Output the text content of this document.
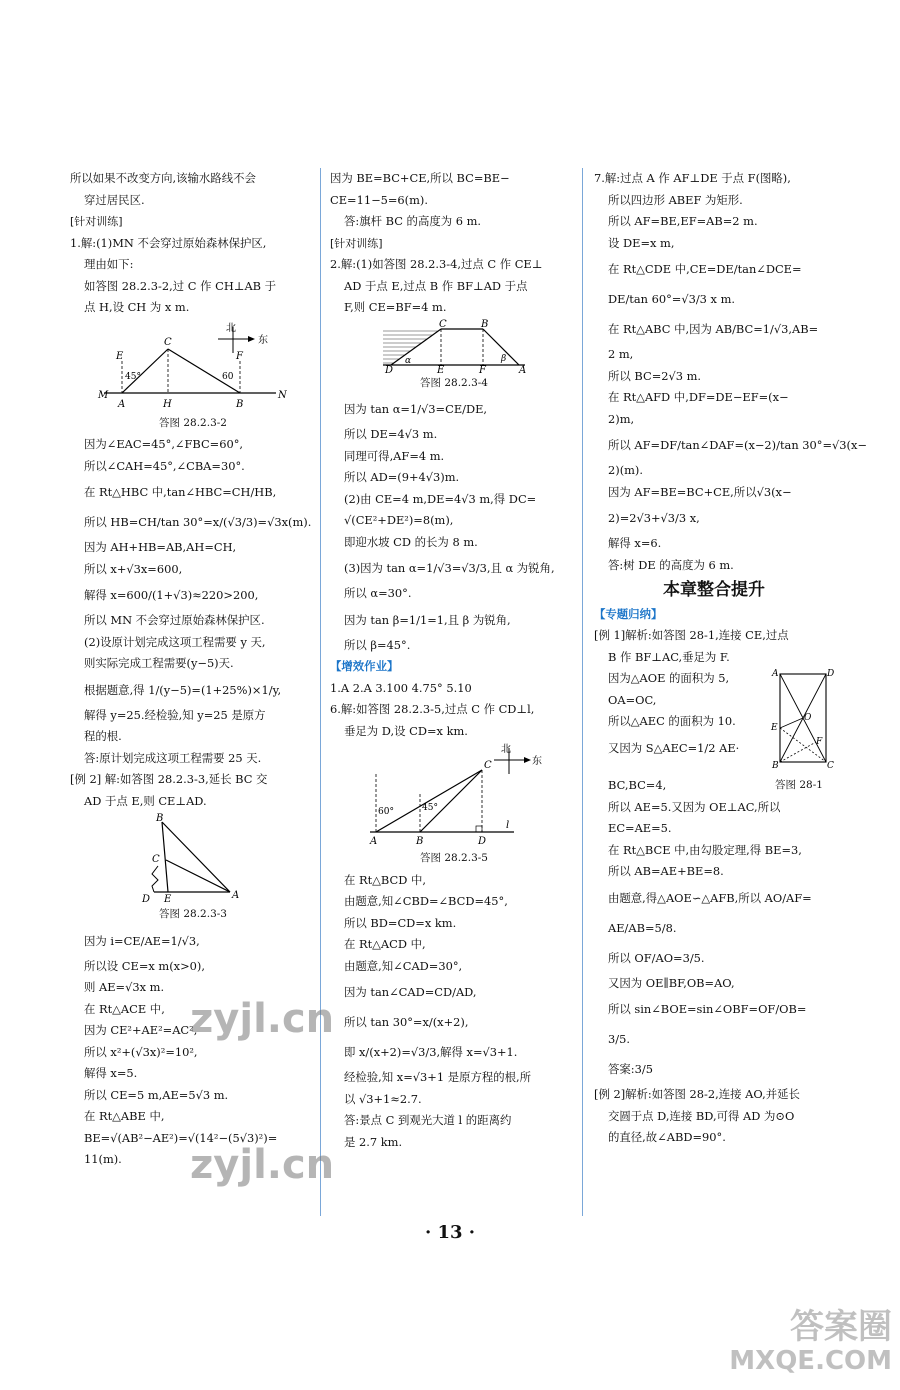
所以如果不改变方向,该输水路线不会
穿过居民区.
[针对训练]
1.解:(1)MN 不会穿过原始森林保护区,
理由如下:
如答图 28.2.3-2,过 C 作 CH⊥AB 于
点 H,设 CH 为 x m.
北
东
M
A	H	B
N
C
E	F
45°	60
答图 28.2.3-2
因为∠EAC=45°,∠FBC=60°,
所以∠CAH=45°,∠CBA=30°.
在 Rt△HBC 中,tan∠HBC=CH/HB,
所以 HB=CH/tan 30°=x/(√3/3)=√3x(m).
因为 AH+HB=AB,AH=CH,
所以 x+√3x=600,
解得 x=600/(1+√3)≈220>200,
所以 MN 不会穿过原始森林保护区.
(2)设原计划完成这项工程需要 y 天,
则实际完成工程需要(y−5)天.
根据题意,得 1/(y−5)=(1+25%)×1/y,
解得 y=25.经检验,知 y=25 是原方
程的根.
答:原计划完成这项工程需要 25 天.
[例 2] 解:如答图 28.2.3-3,延长 BC 交
AD 于点 E,则 CE⊥AD.
B
C
D E	A
答图 28.2.3-3
因为 i=CE/AE=1/√3,
所以设 CE=x m(x>0),
则 AE=√3x m.
在 Rt△ACE 中,
因为 CE²+AE²=AC²,
所以 x²+(√3x)²=10²,
解得 x=5.
所以 CE=5 m,AE=5√3 m.
在 Rt△ABE 中,
BE=√(AB²−AE²)=√(14²−(5√3)²)=
11(m).
因为 BE=BC+CE,所以 BC=BE−
CE=11−5=6(m).
答:旗杆 BC 的高度为 6 m.
[针对训练]
2.解:(1)如答图 28.2.3-4,过点 C 作 CE⊥
AD 于点 E,过点 B 作 BF⊥AD 于点
F,则 CE=BF=4 m.
C	B
D	E	F	A
α	β
答图 28.2.3-4
因为 tan α=1/√3=CE/DE,
所以 DE=4√3 m.
同理可得,AF=4 m.
所以 AD=(9+4√3)m.
(2)由 CE=4 m,DE=4√3 m,得 DC=
√(CE²+DE²)=8(m),
即迎水坡 CD 的长为 8 m.
(3)因为 tan α=1/√3=√3/3,且 α 为锐角,
所以 α=30°.
因为 tan β=1/1=1,且 β 为锐角,
所以 β=45°.
【增效作业】
1.A 2.A 3.100 4.75° 5.10
6.解:如答图 28.2.3-5,过点 C 作 CD⊥l,
垂足为 D,设 CD=x km.
北
东
A	B	D
C
l
60°	45°
答图 28.2.3-5
在 Rt△BCD 中,
由题意,知∠CBD=∠BCD=45°,
所以 BD=CD=x km.
在 Rt△ACD 中,
由题意,知∠CAD=30°,
因为 tan∠CAD=CD/AD,
所以 tan 30°=x/(x+2),
即 x/(x+2)=√3/3,解得 x=√3+1.
经检验,知 x=√3+1 是原方程的根,所
以 √3+1≈2.7.
答:景点 C 到观光大道 l 的距离约
是 2.7 km.
7.解:过点 A 作 AF⊥DE 于点 F(图略),
所以四边形 ABEF 为矩形.
所以 AF=BE,EF=AB=2 m.
设 DE=x m,
在 Rt△CDE 中,CE=DE/tan∠DCE=
DE/tan 60°=√3/3 x m.
在 Rt△ABC 中,因为 AB/BC=1/√3,AB=
2 m,
所以 BC=2√3 m.
在 Rt△AFD 中,DF=DE−EF=(x−
2)m,
所以 AF=DF/tan∠DAF=(x−2)/tan 30°=√3(x−
2)(m).
因为 AF=BE=BC+CE,所以√3(x−
2)=2√3+√3/3 x,
解得 x=6.
答:树 DE 的高度为 6 m.
本章整合提升
【专题归纳】
[例 1]解析:如答图 28-1,连接 CE,过点
B 作 BF⊥AC,垂足为 F.
因为△AOE 的面积为 5,
OA=OC,
所以△AEC 的面积为 10.
又因为 S△AEC=1/2 AE·
A	D
E
O
F
B	C
BC,BC=4,	答图 28-1
所以 AE=5.又因为 OE⊥AC,所以
EC=AE=5.
在 Rt△BCE 中,由勾股定理,得 BE=3,
所以 AB=AE+BE=8.
由题意,得△AOE∽△AFB,所以 AO/AF=
AE/AB=5/8.
所以 OF/AO=3/5.
又因为 OE∥BF,OB=AO,
所以 sin∠BOE=sin∠OBF=OF/OB=
3/5.
答案:3/5
[例 2]解析:如答图 28-2,连接 AO,并延长
交圆于点 D,连接 BD,可得 AD 为⊙O
的直径,故∠ABD=90°.
· 13 ·
zyjl.cn
zyjl.cn
答案圈
MXQE.COM
